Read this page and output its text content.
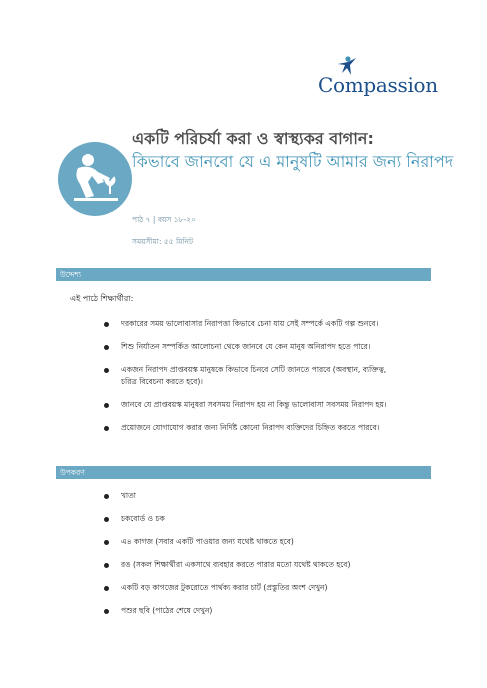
Compassion
একটি পরিচর্যা করা ও স্বাস্থ্যকর বাগান:
কিভাবে জানবো যে এ মানুষটি আমার জন্য নিরাপদ
পাঠ ৭ | বয়স ১৮-২০
সময়সীমা: ৫৫ মিনিট
উদ্দেশ্য
এই পাঠে শিক্ষার্থীরা:
দরকারের সময় ভালোবাসার নিরাপত্তা কিভাবে চেনা যায় সেই সম্পর্কে একটি গল্প শুনবে।
শিশু নির্যাতন সম্পর্কিত আলোচনা থেকে জানবে যে কেন মানুষ অনিরাপদ হতে পারে।
একজন নিরাপদ প্রাপ্তবয়স্ক মানুষকে কিভাবে চিনবে সেটি জানতে পারবে (অবস্থান, ব্যক্তিত্ব, চরিত্র বিবেচনা করতে হবে)।
জানবে যে প্রাপ্তবয়স্ক মানুষরা সবসময় নিরাপদ হয় না কিন্তু ভালোবাসা সবসময় নিরাপদ হয়।
প্রয়োজনে যোগাযোগ করার জন্য নির্দিষ্ট কোনো নিরাপদ ব্যক্তিদের চিহ্নিত করতে পারবে।
উপকরণ
খাতা
চকবোর্ড ও চক
এ৪ কাগজ (সবার একটি পাওয়ার জন্য যথেষ্ট থাকতে হবে)
রঙ (সকল শিক্ষার্থীরা একসাথে ব্যবহার করতে পারার মতো যথেষ্ট থাকতে হবে)
একটি বড় কাগজের টুকরোতে পার্থক্য করার চার্ট (প্রস্তুতির অংশ দেখুন)
পশুর ছবি (পাঠের শেষে দেখুন)
